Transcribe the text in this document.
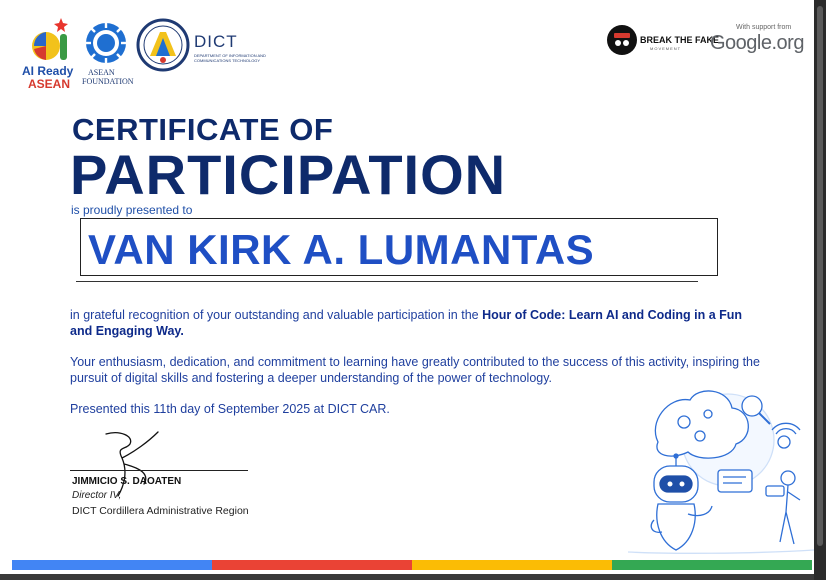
AI Ready
ASEAN
ASEAN
FOUNDATION
DICT
DEPARTMENT OF INFORMATION AND
COMMUNICATIONS TECHNOLOGY
BREAK THE FAKE
MOVEMENT
With support from
Google.org
CERTIFICATE OF
PARTICIPATION
is proudly presented to
VAN KIRK A. LUMANTAS
in grateful recognition of your outstanding and valuable participation in the Hour of Code: Learn AI and Coding in a Fun and Engaging Way.
Your enthusiasm, dedication, and commitment to learning have greatly contributed to the success of this activity, inspiring the pursuit of digital skills and fostering a deeper understanding of the power of technology.
Presented this 11th day of September 2025 at DICT CAR.
JIMMICIO S. DAOATEN
Director IV,
DICT Cordillera Administrative Region
